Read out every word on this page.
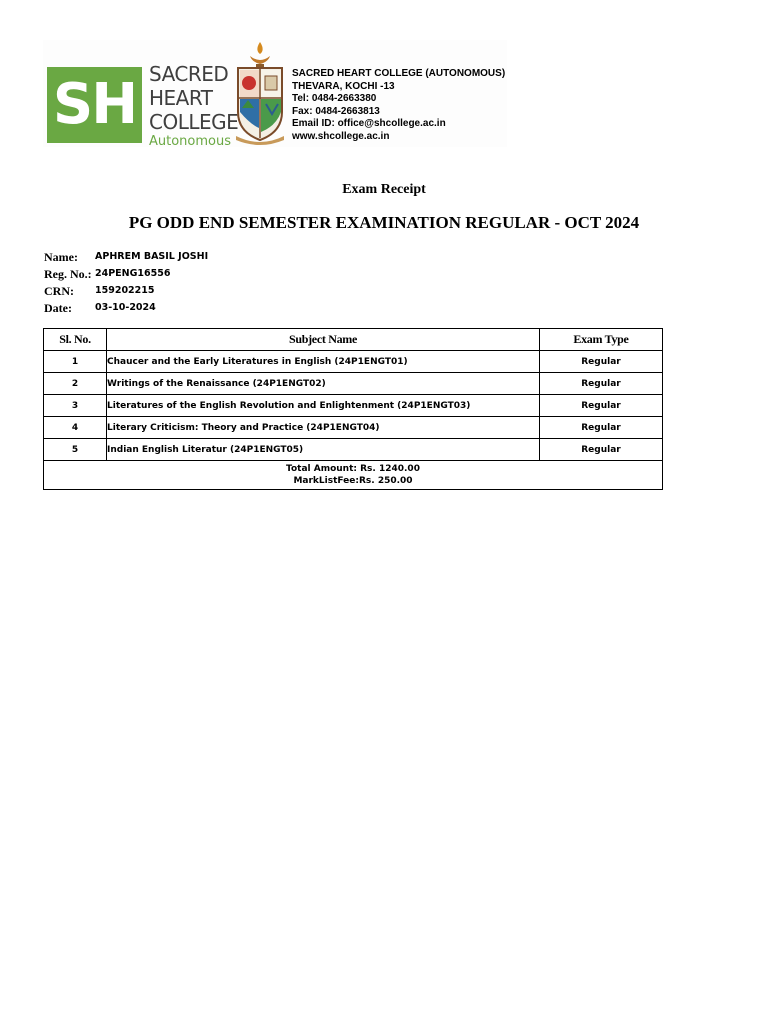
SH SACRED
HEART
COLLEGE
Autonomous
SACRED HEART COLLEGE (AUTONOMOUS)
THEVARA, KOCHI -13
Tel: 0484-2663380
Fax: 0484-2663813
Email ID: office@shcollege.ac.in
www.shcollege.ac.in
Exam Receipt
PG ODD END SEMESTER EXAMINATION REGULAR - OCT 2024
Name: APHREM BASIL JOSHI
Reg. No.: 24PENG16556
CRN: 159202215
Date: 03-10-2024
Sl. No.	Subject Name	Exam Type
1	Chaucer and the Early Literatures in English (24P1ENGT01)	Regular
2	Writings of the Renaissance (24P1ENGT02)	Regular
3	Literatures of the English Revolution and Enlightenment (24P1ENGT03)	Regular
4	Literary Criticism: Theory and Practice (24P1ENGT04)	Regular
5	Indian English Literatur (24P1ENGT05)	Regular

Total Amount: Rs. 1240.00
MarkListFee:Rs. 250.00		
